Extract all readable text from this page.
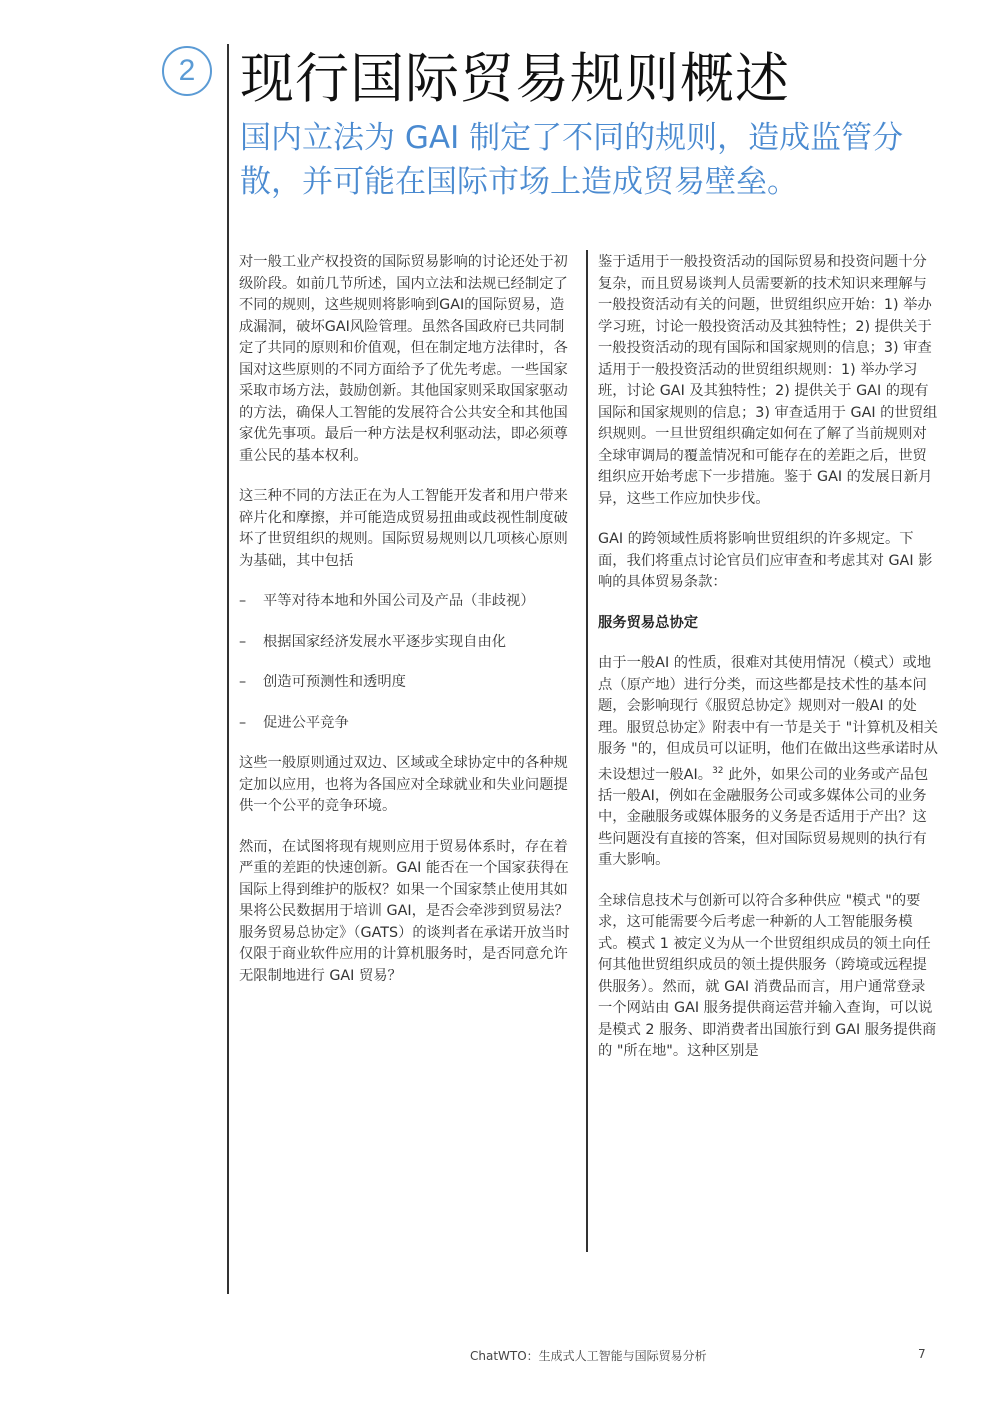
2 现行国际贸易规则概述
国内立法为 GAI 制定了不同的规则，造成监管分散，并可能在国际市场上造成贸易壁垒。

对一般工业产权投资的国际贸易影响的讨论还处于初级阶段。如前几节所述，国内立法和法规已经制定了不同的规则，这些规则将影响到GAI的国际贸易，造成漏洞，破坏GAI风险管理。虽然各国政府已共同制定了共同的原则和价值观，但在制定地方法律时，各国对这些原则的不同方面给予了优先考虑。一些国家采取市场方法，鼓励创新。其他国家则采取国家驱动的方法，确保人工智能的发展符合公共安全和其他国家优先事项。最后一种方法是权利驱动法，即必须尊重公民的基本权利。

这三种不同的方法正在为人工智能开发者和用户带来碎片化和摩擦，并可能造成贸易扭曲或歧视性制度破坏了世贸组织的规则。国际贸易规则以几项核心原则为基础，其中包括

–	平等对待本地和外国公司及产品（非歧视）
–	根据国家经济发展水平逐步实现自由化
–	创造可预测性和透明度
–	促进公平竞争

这些一般原则通过双边、区域或全球协定中的各种规定加以应用，也将为各国应对全球就业和失业问题提供一个公平的竞争环境。

然而，在试图将现有规则应用于贸易体系时，存在着严重的差距的快速创新。GAI 能否在一个国家获得在国际上得到维护的版权？如果一个国家禁止使用其如果将公民数据用于培训 GAI，是否会牵涉到贸易法？服务贸易总协定》（GATS）的谈判者在承诺开放当时仅限于商业软件应用的计算机服务时，是否同意允许无限制地进行 GAI 贸易？

鉴于适用于一般投资活动的国际贸易和投资问题十分复杂，而且贸易谈判人员需要新的技术知识来理解与一般投资活动有关的问题，世贸组织应开始：1) 举办学习班，讨论一般投资活动及其独特性；2) 提供关于一般投资活动的现有国际和国家规则的信息；3) 审查适用于一般投资活动的世贸组织规则：1) 举办学习班，讨论 GAI 及其独特性；2) 提供关于 GAI 的现有国际和国家规则的信息；3) 审查适用于 GAI 的世贸组织规则。一旦世贸组织确定如何在了解了当前规则对全球审调局的覆盖情况和可能存在的差距之后，世贸组织应开始考虑下一步措施。鉴于 GAI 的发展日新月异，这些工作应加快步伐。

GAI 的跨领域性质将影响世贸组织的许多规定。下面，我们将重点讨论官员们应审查和考虑其对 GAI 影响的具体贸易条款：

服务贸易总协定

由于一般AI 的性质，很难对其使用情况（模式）或地点（原产地）进行分类，而这些都是技术性的基本问题，会影响现行《服贸总协定》规则对一般AI 的处理。服贸总协定》附表中有一节是关于 "计算机及相关服务 "的，但成员可以证明，他们在做出这些承诺时从未设想过一般AI。$^{32}$ 此外，如果公司的业务或产品包括一般AI，例如在金融服务公司或多媒体公司的业务中，金融服务或媒体服务的义务是否适用于产出？这些问题没有直接的答案，但对国际贸易规则的执行有重大影响。

全球信息技术与创新可以符合多种供应 "模式 "的要求，这可能需要今后考虑一种新的人工智能服务模式。模式 1 被定义为从一个世贸组织成员的领土向任何其他世贸组织成员的领土提供服务（跨境或远程提供服务）。然而，就 GAI 消费品而言，用户通常登录一个网站由 GAI 服务提供商运营并输入查询，可以说是模式 2 服务、即消费者出国旅行到 GAI 服务提供商的 "所在地"。这种区别是

ChatWTO：生成式人工智能与国际贸易分析	7
